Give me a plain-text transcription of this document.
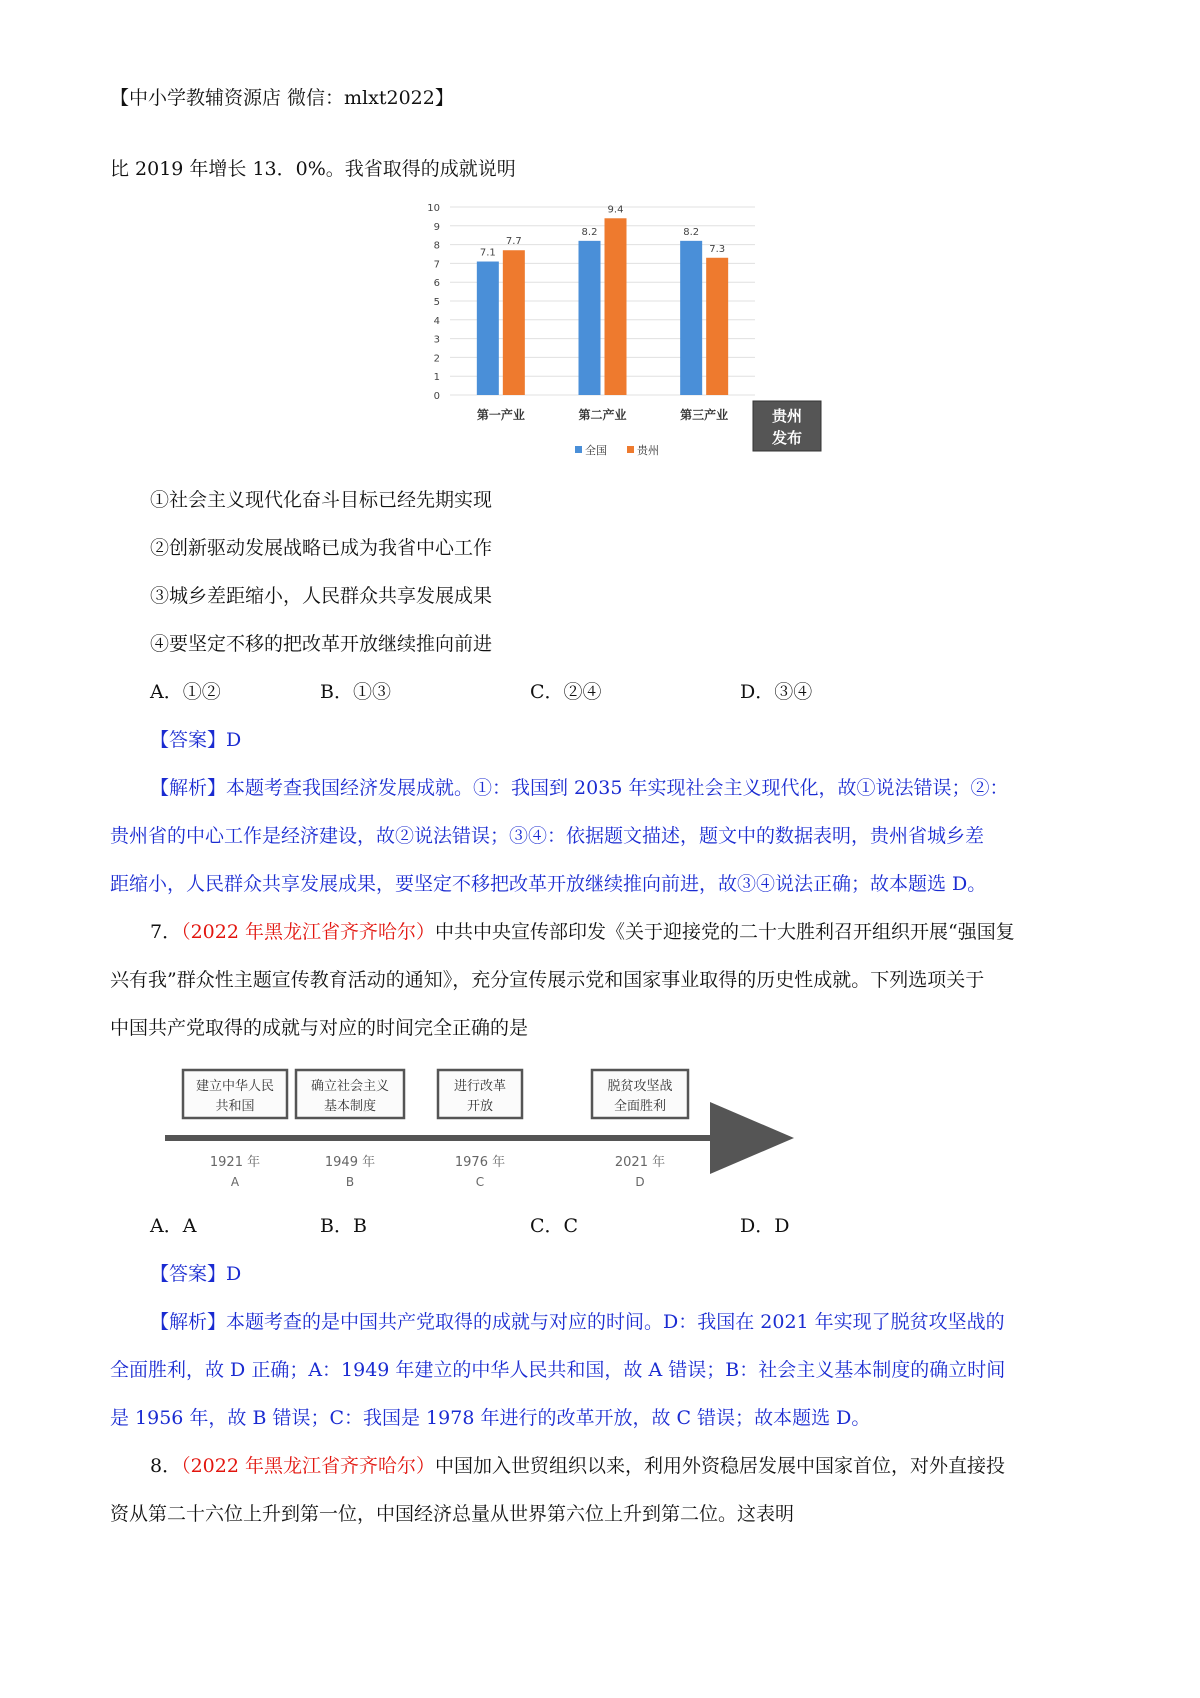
【中小学教辅资源店 微信：mlxt2022】
比 2019 年增长 13．0%。我省取得的成就说明
0
1
2
3
4
5
6
7
8
9
10
7.1
7.7
8.2
9.4
8.2
7.3
第一产业	第二产业	第三产业
全国	贵州
贵州
发布
①社会主义现代化奋斗目标已经先期实现
②创新驱动发展战略已成为我省中心工作
③城乡差距缩小，人民群众共享发展成果
④要坚定不移的把改革开放继续推向前进
A．①②	B．①③	C．②④	D．③④
【答案】D
【解析】本题考查我国经济发展成就。①：我国到 2035 年实现社会主义现代化，故①说法错误；②：
贵州省的中心工作是经济建设，故②说法错误；③④：依据题文描述，题文中的数据表明，贵州省城乡差
距缩小，人民群众共享发展成果，要坚定不移把改革开放继续推向前进，故③④说法正确；故本题选 D。
7．（2022 年黑龙江省齐齐哈尔）中共中央宣传部印发《关于迎接党的二十大胜利召开组织开展“强国复
兴有我”群众性主题宣传教育活动的通知》，充分宣传展示党和国家事业取得的历史性成就。下列选项关于
中国共产党取得的成就与对应的时间完全正确的是
建立中华人民
共和国
1921 年
A
确立社会主义
基本制度
1949 年
B
进行改革
开放
1976 年
C
脱贫攻坚战
全面胜利
2021 年
D
A．A	B．B	C．C	D．D
【答案】D
【解析】本题考查的是中国共产党取得的成就与对应的时间。D：我国在 2021 年实现了脱贫攻坚战的
全面胜利，故 D 正确；A：1949 年建立的中华人民共和国，故 A 错误；B：社会主义基本制度的确立时间
是 1956 年，故 B 错误；C：我国是 1978 年进行的改革开放，故 C 错误；故本题选 D。
8．（2022 年黑龙江省齐齐哈尔）中国加入世贸组织以来，利用外资稳居发展中国家首位，对外直接投
资从第二十六位上升到第一位，中国经济总量从世界第六位上升到第二位。这表明
